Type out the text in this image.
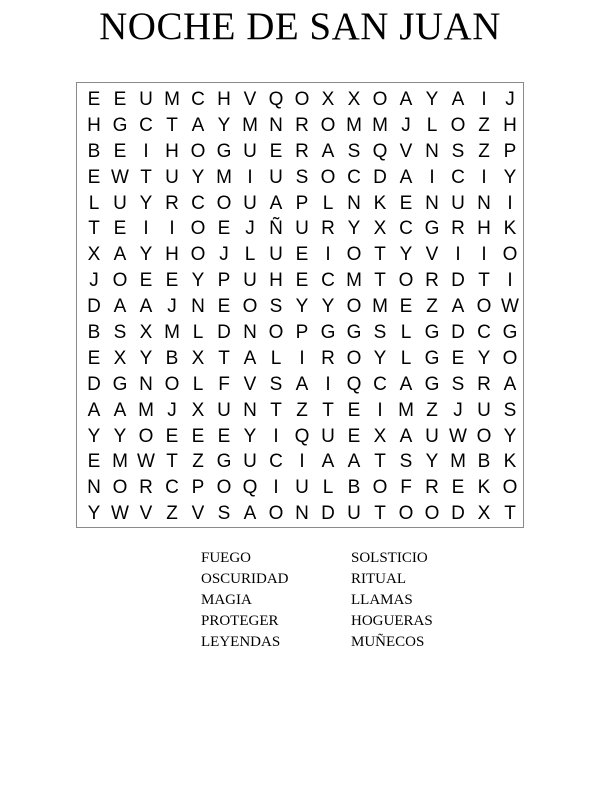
NOCHE DE SAN JUAN
E E U M C H V Q O X X O A Y A I J
H G C T A Y M N R O M M J L O Z H
B E I H O G U E R A S Q V N S Z P
E W T U Y M I U S O C D A I C I Y
L U Y R C O U A P L N K E N U N I
T E I	I O E J Ñ U R Y X C G R H K
X A Y H O J L U E I O T Y V I	I O
J O E E Y P U H E C M T O R D T I
D A A J N E O S Y Y O M E Z A O W
B S X M L D N O P G G S L G D C G
E X Y B X T A L I R O Y L G E Y O
D G N O L F V S A I Q C A G S R A
A A M J X U N T Z T E I M Z J U S
Y Y O E E E Y I Q U E X A U W O Y
E M W T Z G U C I A A T S Y M B K
N O R C P O Q I U L B O F R E K O
Y W V Z V S A O N D U T O O D X T
FUEGO
OSCURIDAD
MAGIA
PROTEGER
LEYENDAS
SOLSTICIO
RITUAL
LLAMAS
HOGUERAS
MUÑECOS
